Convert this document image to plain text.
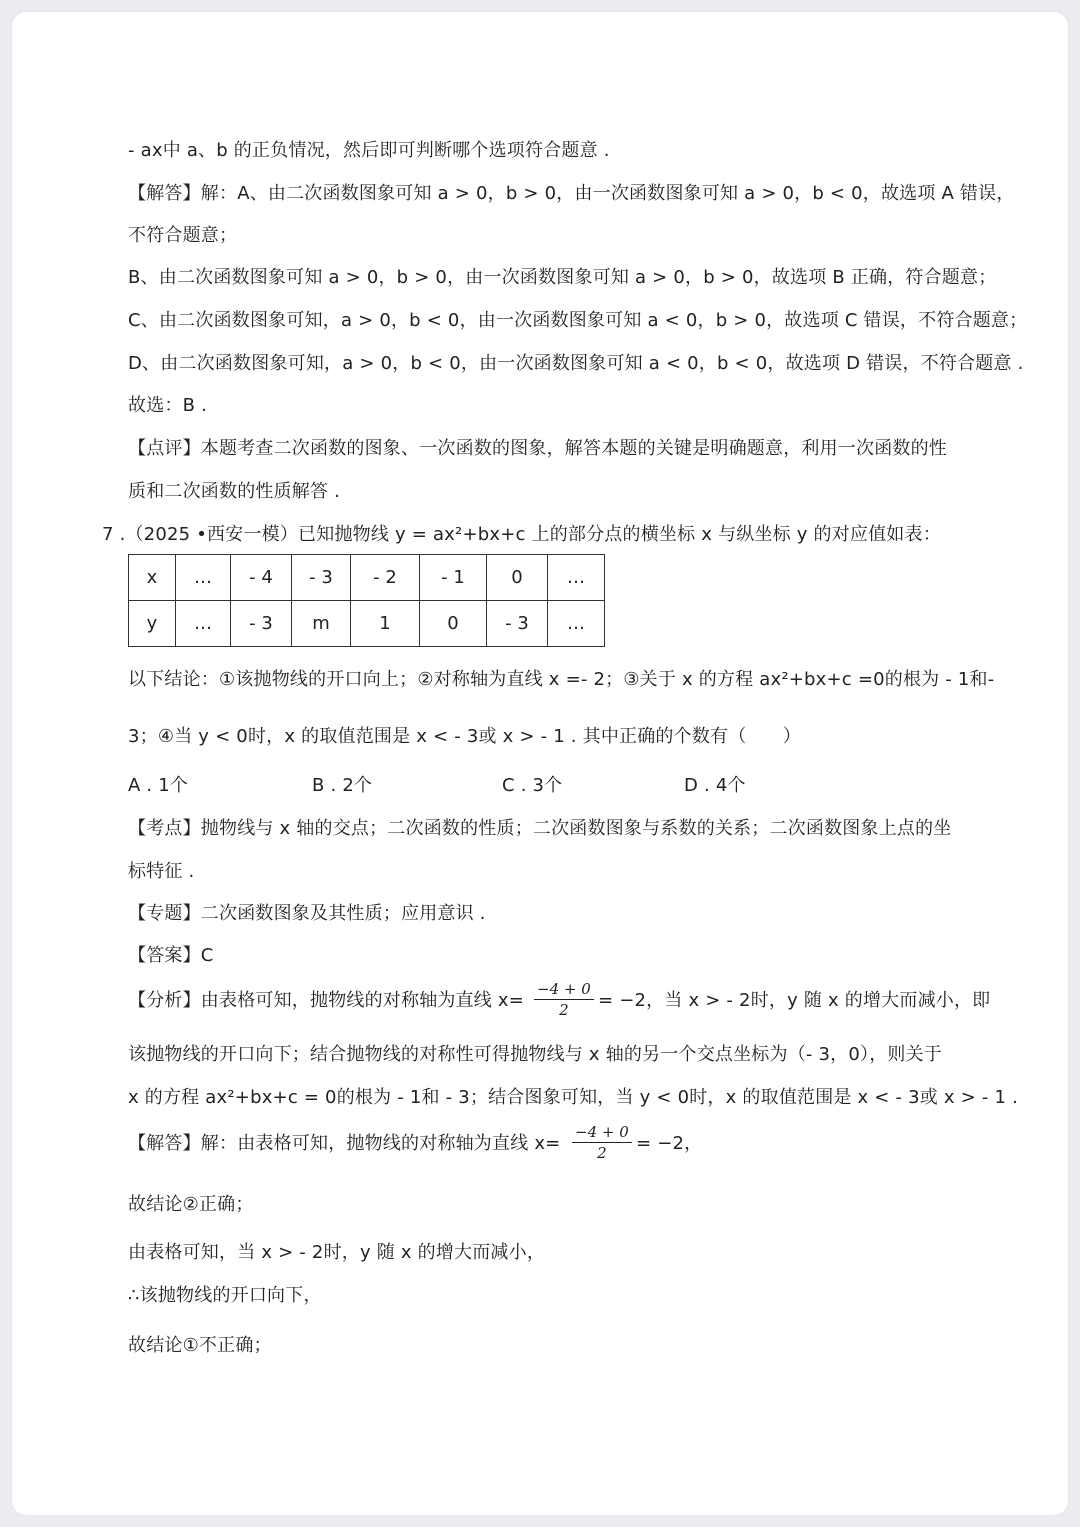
- ax中 a、b 的正负情况，然后即可判断哪个选项符合题意 .
【解答】解：A、由二次函数图象可知 a > 0，b > 0，由一次函数图象可知 a > 0，b < 0，故选项 A 错误，
不符合题意；
B、由二次函数图象可知 a > 0，b > 0，由一次函数图象可知 a > 0，b > 0，故选项 B 正确，符合题意；
C、由二次函数图象可知，a > 0，b < 0，由一次函数图象可知 a < 0，b > 0，故选项 C 错误，不符合题意；
D、由二次函数图象可知，a > 0，b < 0，由一次函数图象可知 a < 0，b < 0，故选项 D 错误，不符合题意 .
故选：B .
【点评】本题考查二次函数的图象、一次函数的图象，解答本题的关键是明确题意，利用一次函数的性
质和二次函数的性质解答 .
7 .（2025 •西安一模）已知抛物线 y = ax²+bx+c 上的部分点的横坐标 x 与纵坐标 y 的对应值如表：
x	…	- 4	- 3	- 2	- 1	0	…
y	…	- 3	m	1	0	- 3	…
以下结论：①该抛物线的开口向上；②对称轴为直线 x =- 2；③关于 x 的方程 ax²+bx+c =0的根为 - 1和-
3；④当 y < 0时，x 的取值范围是 x < - 3或 x > - 1 . 其中正确的个数有（　　）
A . 1个	B . 2个	C . 3个	D . 4个
【考点】抛物线与 x 轴的交点；二次函数的性质；二次函数图象与系数的关系；二次函数图象上点的坐
标特征 .
【专题】二次函数图象及其性质；应用意识 .
【答案】C
【分析】由表格可知，抛物线的对称轴为直线 $x= \frac{-4 + 0}{2} = -2$，当 x > - 2时，y 随 x 的增大而减小，即
该抛物线的开口向下；结合抛物线的对称性可得抛物线与 x 轴的另一个交点坐标为（- 3，0），则关于
x 的方程 ax²+bx+c = 0的根为 - 1和 - 3；结合图象可知，当 y < 0时，x 的取值范围是 x < - 3或 x > - 1 .
【解答】解：由表格可知，抛物线的对称轴为直线 $x= \frac{-4 + 0}{2} = -2$，
故结论②正确；
由表格可知，当 x > - 2时，y 随 x 的增大而减小，
∴该抛物线的开口向下，
故结论①不正确；
